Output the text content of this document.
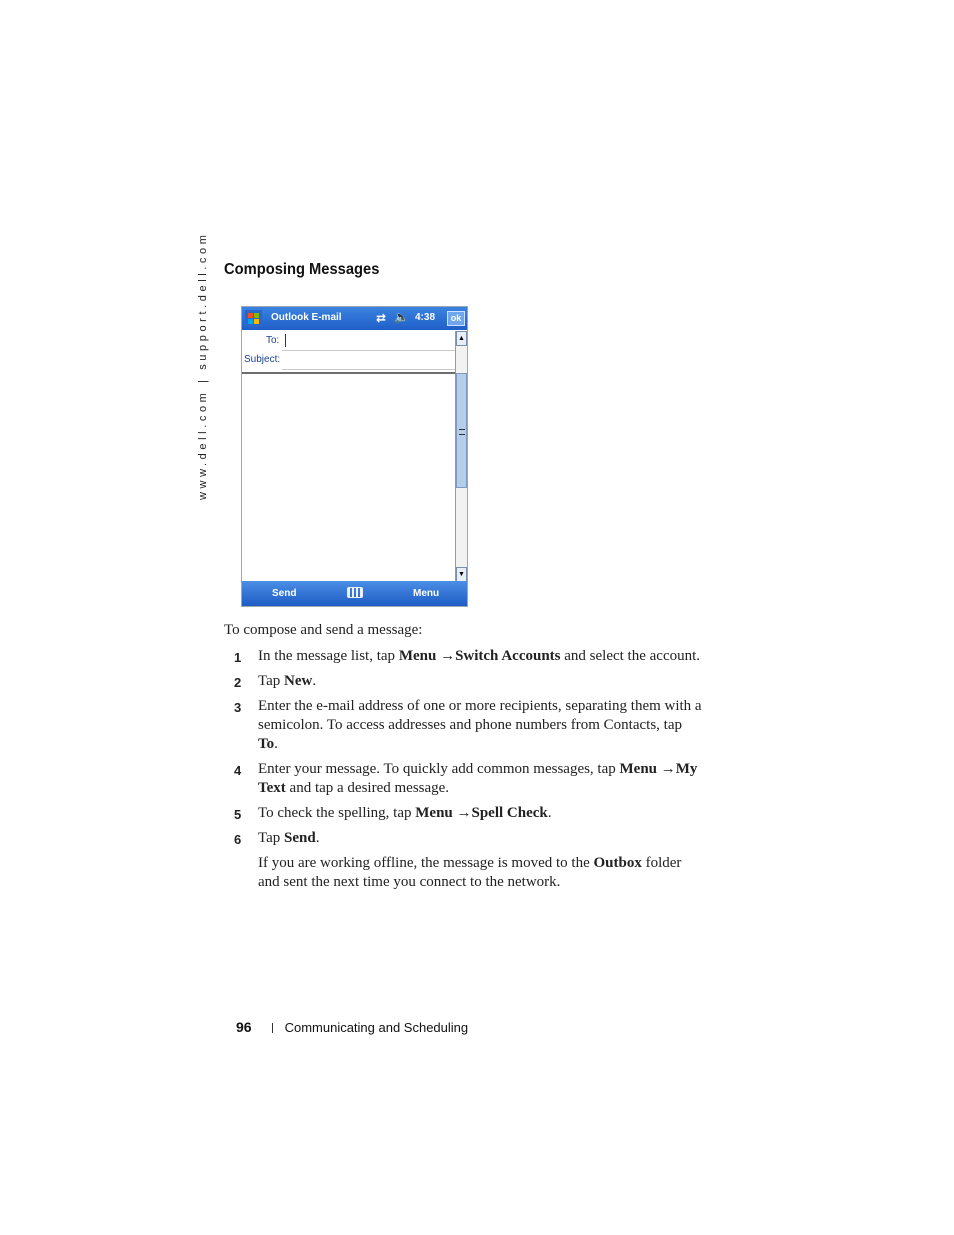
www.dell.com | support.dell.com Composing Messages
Outlook E-mail	⇄ 🔈 4:38	ok
To:
Subject:
▲
▼
Send	Menu
To compose and send a message:
1 In the message list, tap Menu →Switch Accounts and select the account.
2 Tap New.
3 Enter the e-mail address of one or more recipients, separating them with a semicolon. To access addresses and phone numbers from Contacts, tap To.
4 Enter your message. To quickly add common messages, tap Menu →My Text and tap a desired message.
5 To check the spelling, tap Menu →Spell Check.
6 Tap Send.
If you are working offline, the message is moved to the Outbox folder and sent the next time you connect to the network.
96	Communicating and Scheduling
